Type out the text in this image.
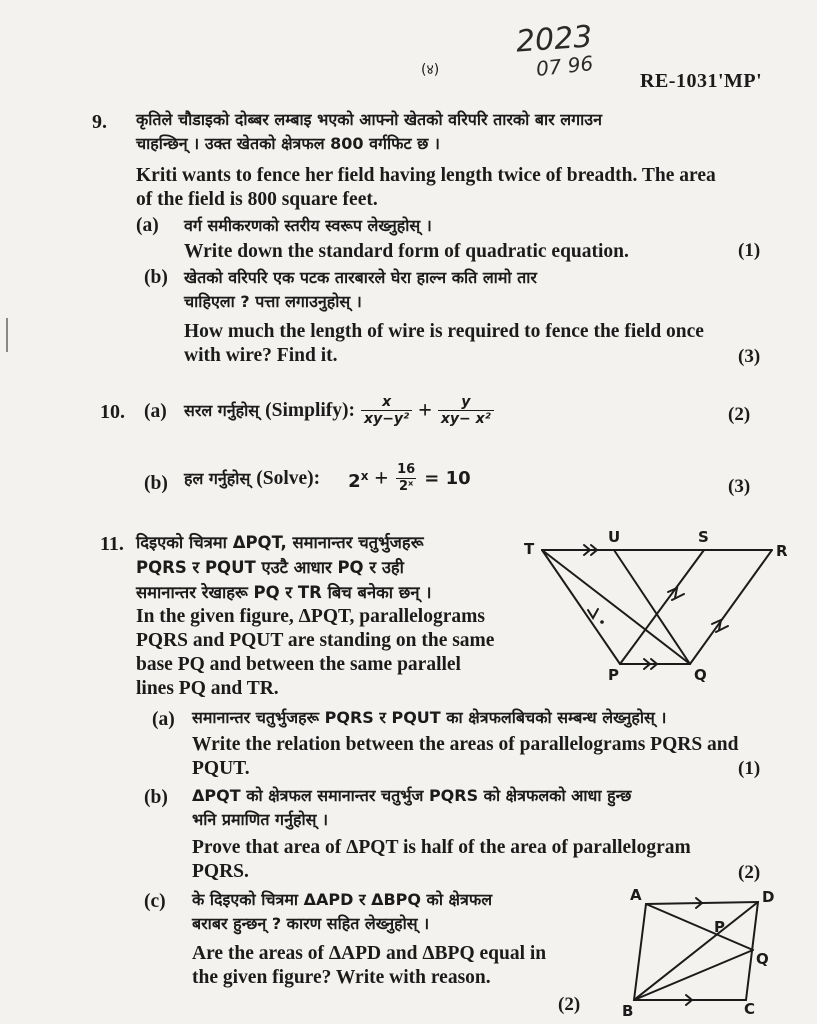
2023
07 96
(४)	RE-1031'MP'
9. कृतिले चौडाइको दोब्बर लम्बाइ भएको आफ्नो खेतको वरिपरि तारको बार लगाउन
चाहन्छिन् । उक्त खेतको क्षेत्रफल 800 वर्गफिट छ ।
Kriti wants to fence her field having length twice of breadth. The area
of the field is 800 square feet.
(a) वर्ग समीकरणको स्तरीय स्वरूप लेख्नुहोस् ।
Write down the standard form of quadratic equation.	(1)
(b) खेतको वरिपरि एक पटक तारबारले घेरा हाल्न कति लामो तार
चाहिएला ? पत्ता लगाउनुहोस् ।
How much the length of wire is required to fence the field once
with wire? Find it.	(3)
10. (a) सरल गर्नुहोस् (Simplify): $\frac{x}{\text{xy−y²}} + \frac{y}{\text{xy− x²}}$	(2)
(b) हल गर्नुहोस् (Solve): $2^x + \frac{16}{\text{2ˣ}} = 10$	(3)
11. दिइएको चित्रमा ΔPQT, समानान्तर चतुर्भुजहरू
PQRS र PQUT एउटै आधार PQ र उही
समानान्तर रेखाहरू PQ र TR बिच बनेका छन् ।
In the given figure, ΔPQT, parallelograms
PQRS and PQUT are standing on the same
base PQ and between the same parallel
lines PQ and TR.
T
U	S
R
P	Q
(a) समानान्तर चतुर्भुजहरू PQRS र PQUT का क्षेत्रफलबिचको सम्बन्ध लेख्नुहोस् ।
Write the relation between the areas of parallelograms PQRS and
PQUT.	(1)
(b) ΔPQT को क्षेत्रफल समानान्तर चतुर्भुज PQRS को क्षेत्रफलको आधा हुन्छ
भनि प्रमाणित गर्नुहोस् ।
Prove that area of ΔPQT is half of the area of parallelogram
PQRS.	(2)
(c) के दिइएको चित्रमा ΔAPD र ΔBPQ को क्षेत्रफल
बराबर हुन्छन् ? कारण सहित लेख्नुहोस् ।
Are the areas of ΔAPD and ΔBPQ equal in
the given figure? Write with reason.
(2)
A	D
P
Q
B	C
